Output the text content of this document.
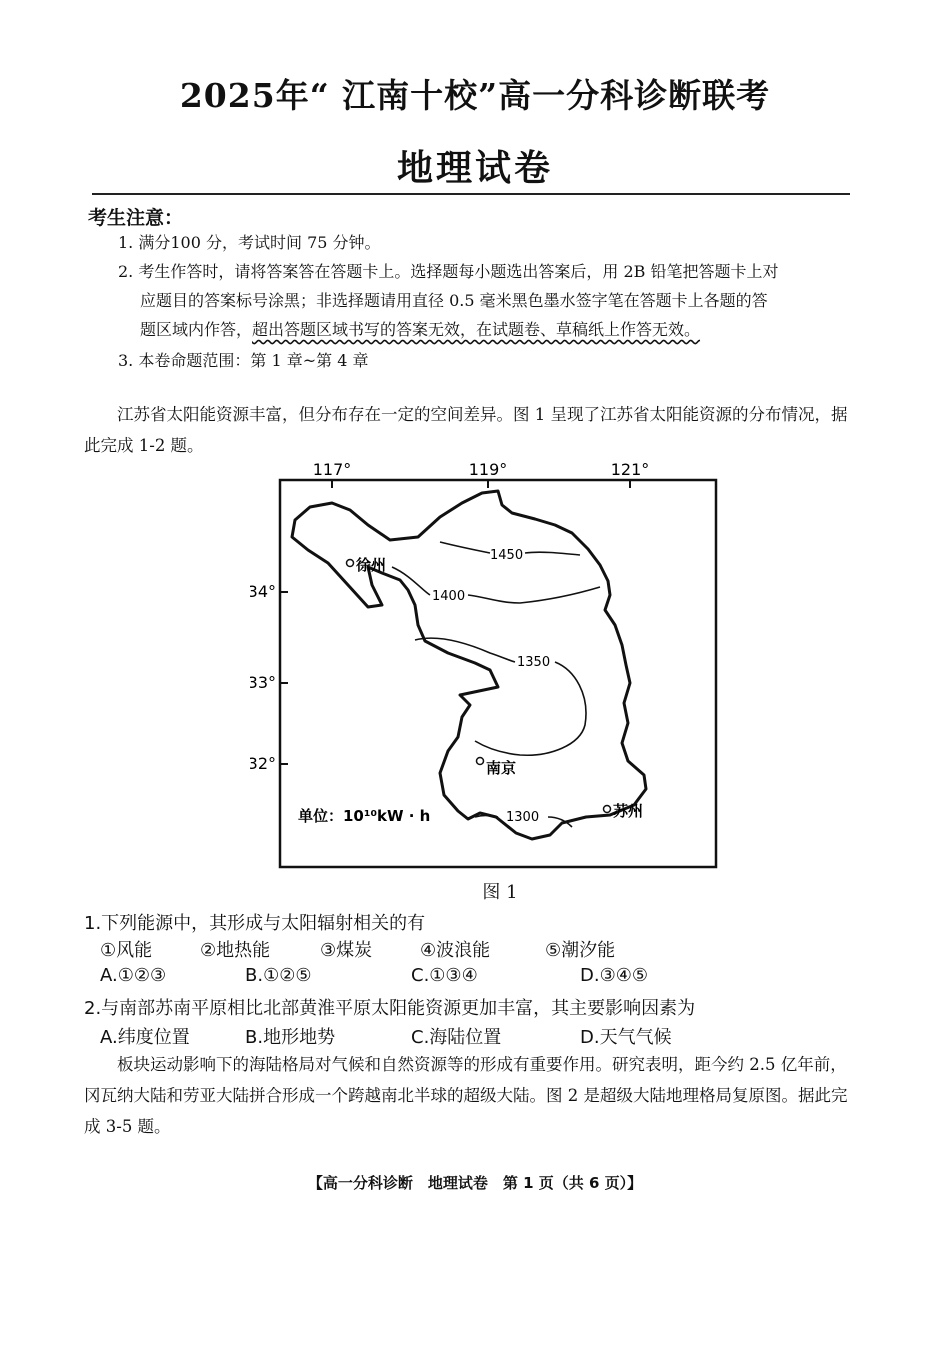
2025年“ 江南十校”高一分科诊断联考
地理试卷
考生注意：
1. 满分100 分，考试时间 75 分钟。
2. 考生作答时，请将答案答在答题卡上。选择题每小题选出答案后，用 2B 铅笔把答题卡上对
应题目的答案标号涂黑；非选择题请用直径 0.5 毫米黑色墨水签字笔在答题卡上各题的答
题区域内作答，超出答题区域书写的答案无效，在试题卷、草稿纸上作答无效。
3. 本卷命题范围：第 1 章~第 4 章
江苏省太阳能资源丰富，但分布存在一定的空间差异。图 1 呈现了江苏省太阳能资源的分布情况，据此完成 1-2 题。
117°	119°	121°
34°
33°
32°
1450
1400
1350
1300
徐州
南京
苏州
单位：10¹⁰kW · h
图 1
1.下列能源中，其形成与太阳辐射相关的有
①风能	②地热能	③煤炭	④波浪能	⑤潮汐能
A.①②③	B.①②⑤	C.①③④	D.③④⑤
2.与南部苏南平原相比北部黄淮平原太阳能资源更加丰富，其主要影响因素为
A.纬度位置	B.地形地势	C.海陆位置	D.天气气候
板块运动影响下的海陆格局对气候和自然资源等的形成有重要作用。研究表明，距今约 2.5 亿年前，冈瓦纳大陆和劳亚大陆拼合形成一个跨越南北半球的超级大陆。图 2 是超级大陆地理格局复原图。据此完成 3-5 题。
【高一分科诊断　地理试卷　第 1 页（共 6 页）】
